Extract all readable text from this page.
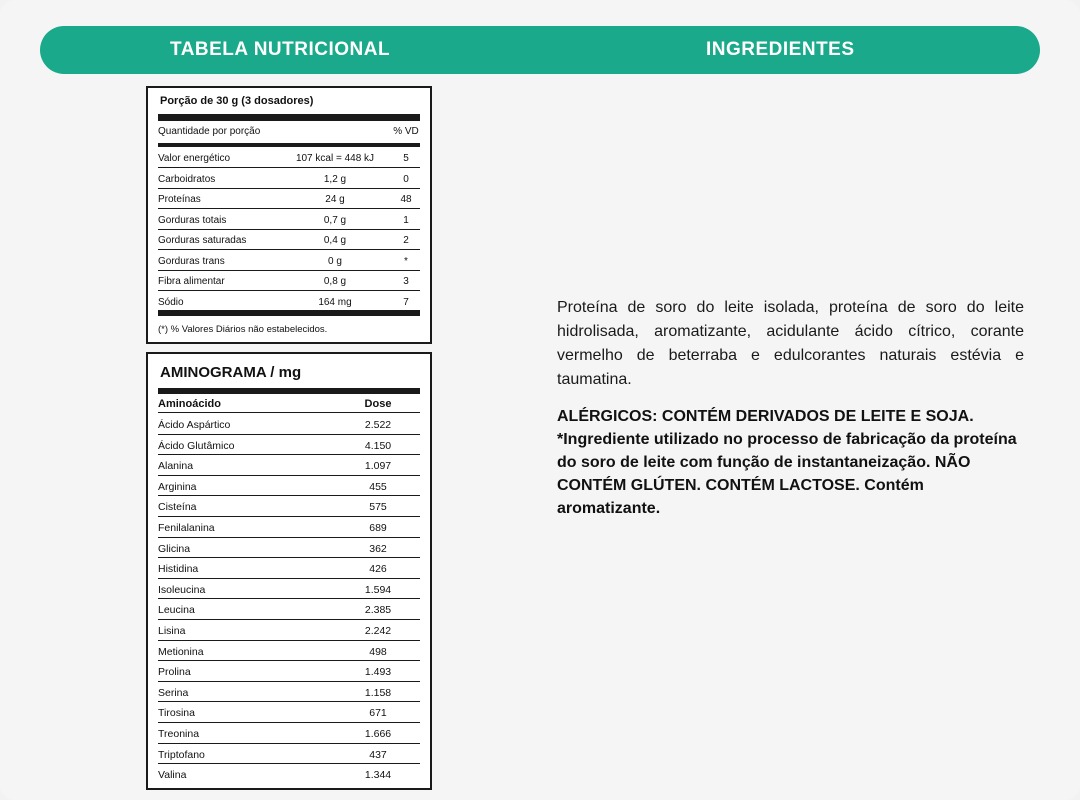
TABELA NUTRICIONAL	INGREDIENTES
Porção de 30 g (3 dosadores)
Quantidade por porção	% VD
Valor energético	107 kcal = 448 kJ	5
Carboidratos	1,2 g	0
Proteínas	24 g	48
Gorduras totais	0,7 g	1
Gorduras saturadas	0,4 g	2
Gorduras trans	0 g	*
Fibra alimentar	0,8 g	3
Sódio	164 mg	7
(*) % Valores Diários não estabelecidos.
AMINOGRAMA / mg
Aminoácido	Dose
Ácido Aspártico	2.522
Ácido Glutâmico	4.150
Alanina	1.097
Arginina	455
Cisteína	575
Fenilalanina	689
Glicina	362
Histidina	426
Isoleucina	1.594
Leucina	2.385
Lisina	2.242
Metionina	498
Prolina	1.493
Serina	1.158
Tirosina	671
Treonina	1.666
Triptofano	437
Valina	1.344
Proteína de soro do leite isolada, proteína de soro do leite hidrolisada, aromatizante, acidulante ácido cítrico, corante vermelho de beterraba e edulcorantes naturais estévia e taumatina.
ALÉRGICOS: CONTÉM DERIVADOS DE LEITE E SOJA. *Ingrediente utilizado no processo de fabricação da proteína do soro de leite com função de instantaneização. NÃO CONTÉM GLÚTEN. CONTÉM LACTOSE. Contém aromatizante.
